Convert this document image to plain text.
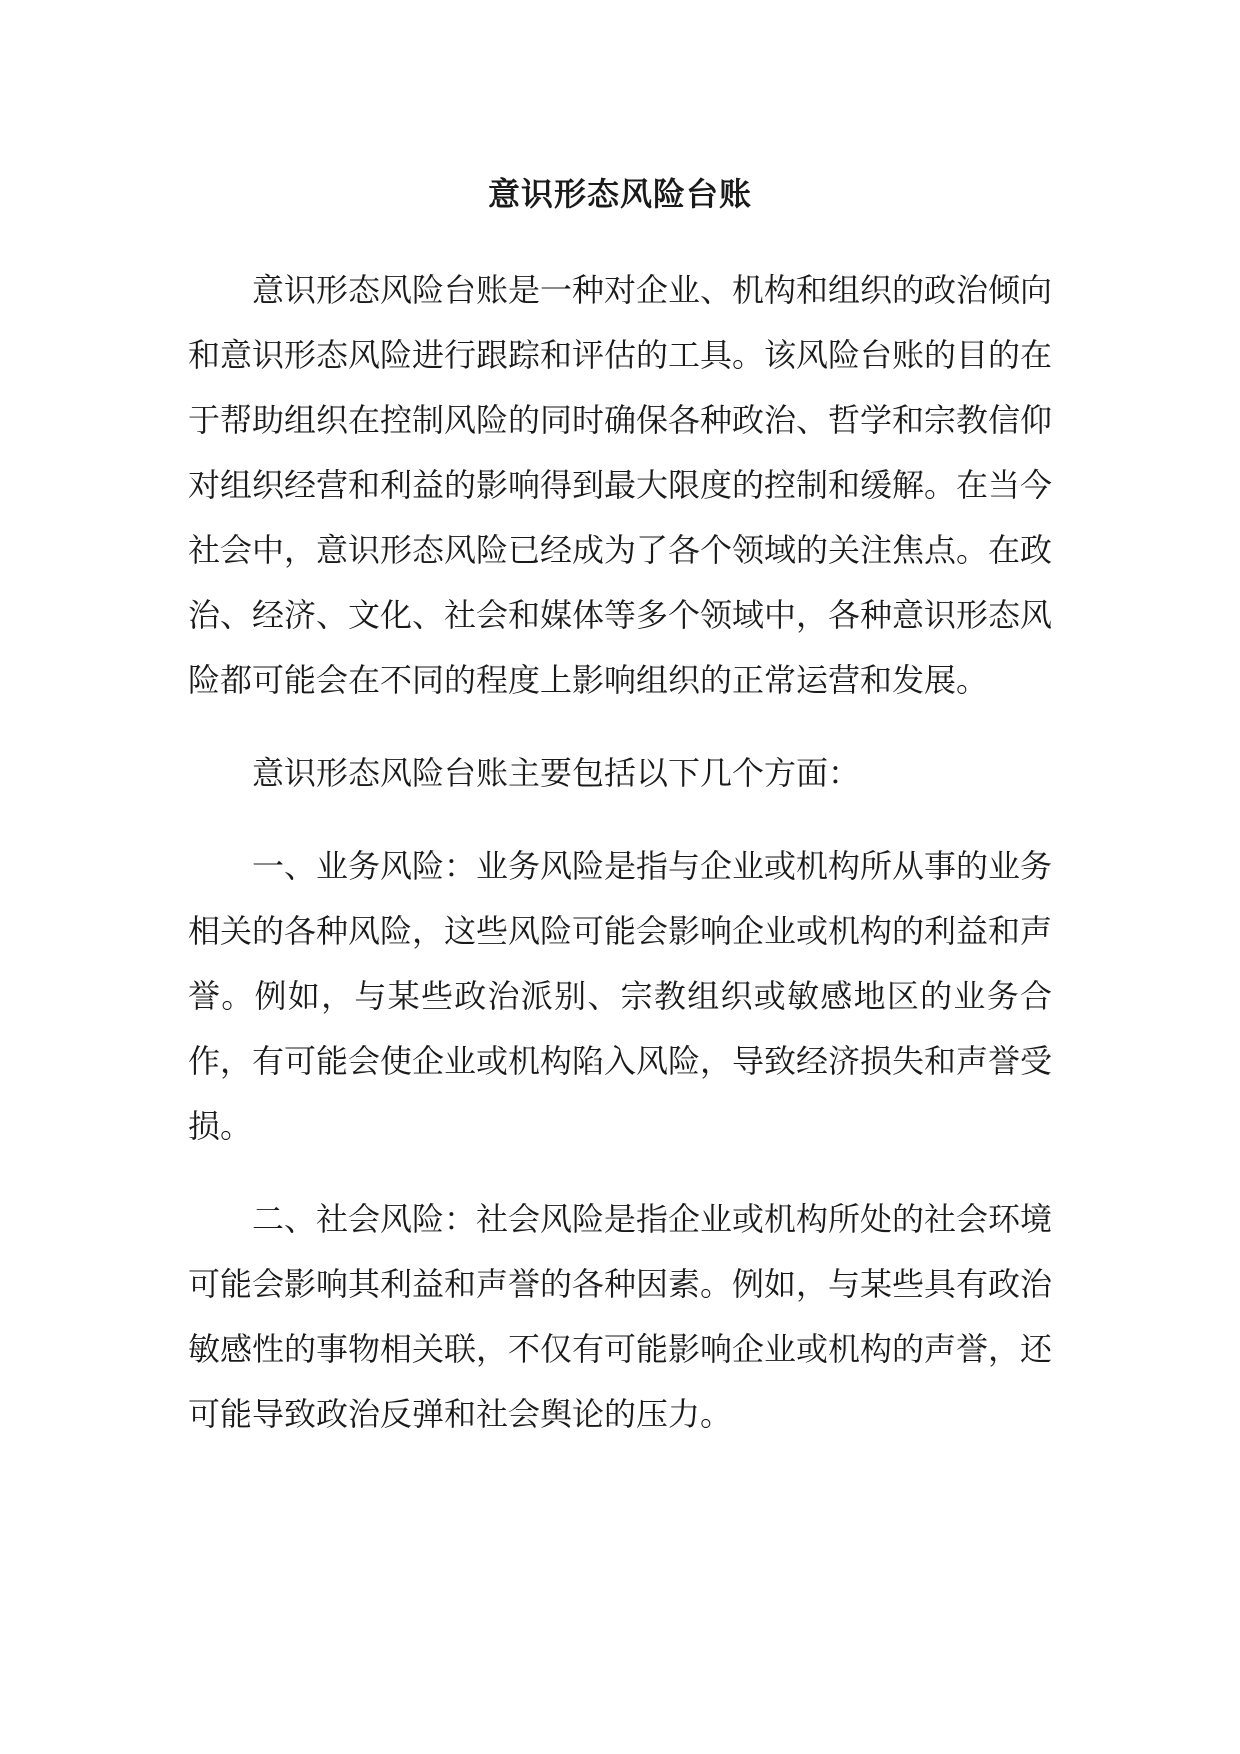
意识形态风险台账

意识形态风险台账是一种对企业、机构和组织的政治倾向和意识形态风险进行跟踪和评估的工具。该风险台账的目的在于帮助组织在控制风险的同时确保各种政治、哲学和宗教信仰对组织经营和利益的影响得到最大限度的控制和缓解。在当今社会中，意识形态风险已经成为了各个领域的关注焦点。在政治、经济、文化、社会和媒体等多个领域中，各种意识形态风险都可能会在不同的程度上影响组织的正常运营和发展。

意识形态风险台账主要包括以下几个方面：

一、业务风险：业务风险是指与企业或机构所从事的业务相关的各种风险，这些风险可能会影响企业或机构的利益和声誉。例如，与某些政治派别、宗教组织或敏感地区的业务合作，有可能会使企业或机构陷入风险，导致经济损失和声誉受损。

二、社会风险：社会风险是指企业或机构所处的社会环境可能会影响其利益和声誉的各种因素。例如，与某些具有政治敏感性的事物相关联，不仅有可能影响企业或机构的声誉，还可能导致政治反弹和社会舆论的压力。
